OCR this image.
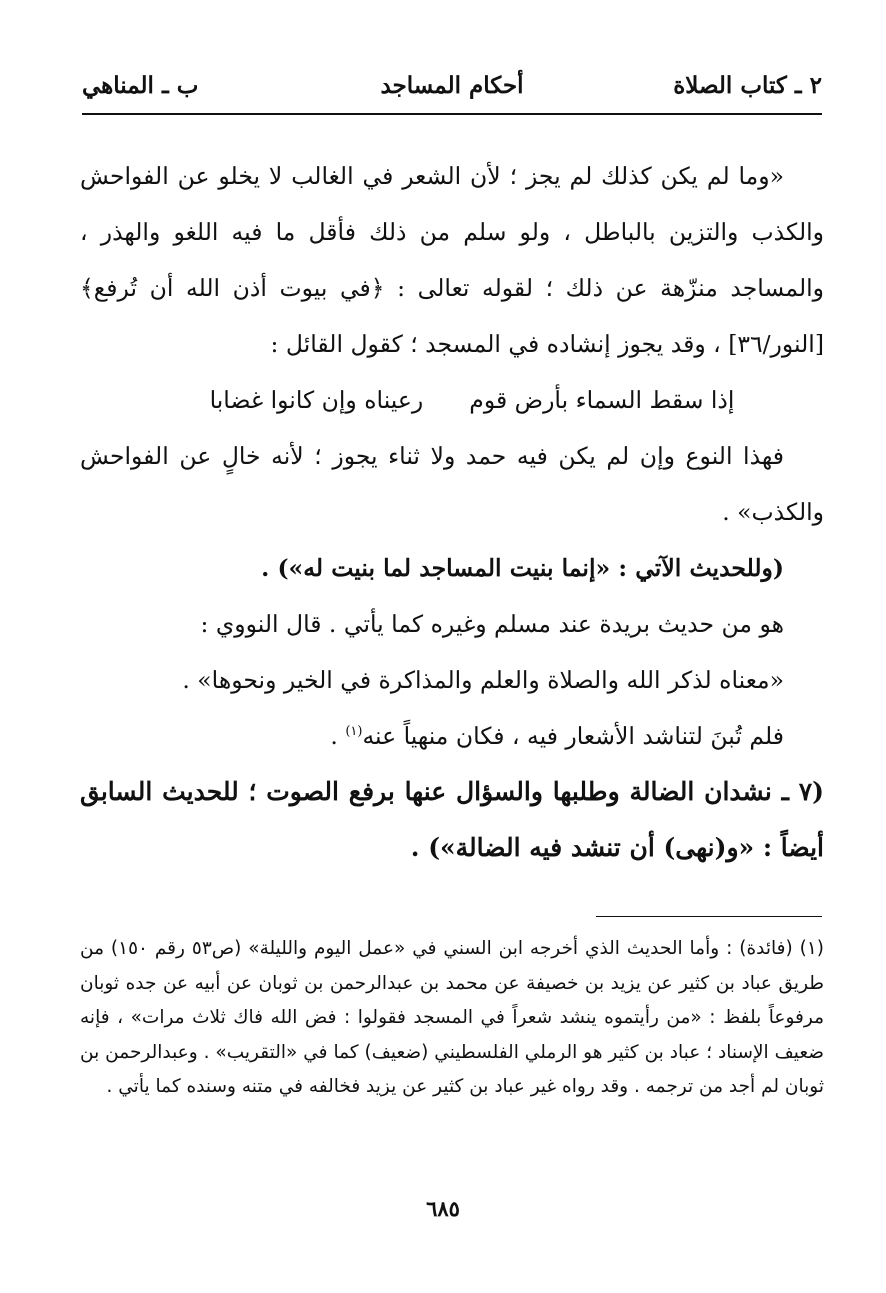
٢ ـ كتاب الصلاة
أحكام المساجد
ب ـ المناهي

«وما لم يكن كذلك لم يجز ؛ لأن الشعر في الغالب لا يخلو عن الفواحش والكذب والتزين بالباطل ، ولو سلم من ذلك فأقل ما فيه اللغو والهذر ، والمساجد منزّهة عن ذلك ؛ لقوله تعالى : ﴿في بيوت أذن الله أن تُرفع﴾ [النور/٣٦] ، وقد يجوز إنشاده في المسجد ؛ كقول القائل :

إذا سقط السماء بأرض قوم
رعيناه وإن كانوا غضابا

فهذا النوع وإن لم يكن فيه حمد ولا ثناء يجوز ؛ لأنه خالٍ عن الفواحش والكذب» .

(وللحديث الآتي : «إنما بنيت المساجد لما بنيت له») .

هو من حديث بريدة عند مسلم وغيره كما يأتي . قال النووي :

«معناه لذكر الله والصلاة والعلم والمذاكرة في الخير ونحوها» .

فلم تُبنَ لتناشد الأشعار فيه ، فكان منهياً عنه$^{(١)}$ .

(٧ ـ نشدان الضالة وطلبها والسؤال عنها برفع الصوت ؛ للحديث السابق أيضاً : «و(نهى) أن تنشد فيه الضالة») .

(١) (فائدة) : وأما الحديث الذي أخرجه ابن السني في «عمل اليوم والليلة» (ص٥٣ رقم ١٥٠) من طريق عباد بن كثير عن يزيد بن خصيفة عن محمد بن عبدالرحمن بن ثوبان عن أبيه عن جده ثوبان مرفوعاً بلفظ : «من رأيتموه ينشد شعراً في المسجد فقولوا : فض الله فاك ثلاث مرات» ، فإنه ضعيف الإسناد ؛ عباد بن كثير هو الرملي الفلسطيني (ضعيف) كما في «التقريب» . وعبدالرحمن بن ثوبان لم أجد من ترجمه . وقد رواه غير عباد بن كثير عن يزيد فخالفه في متنه وسنده كما يأتي .

٦٨٥
